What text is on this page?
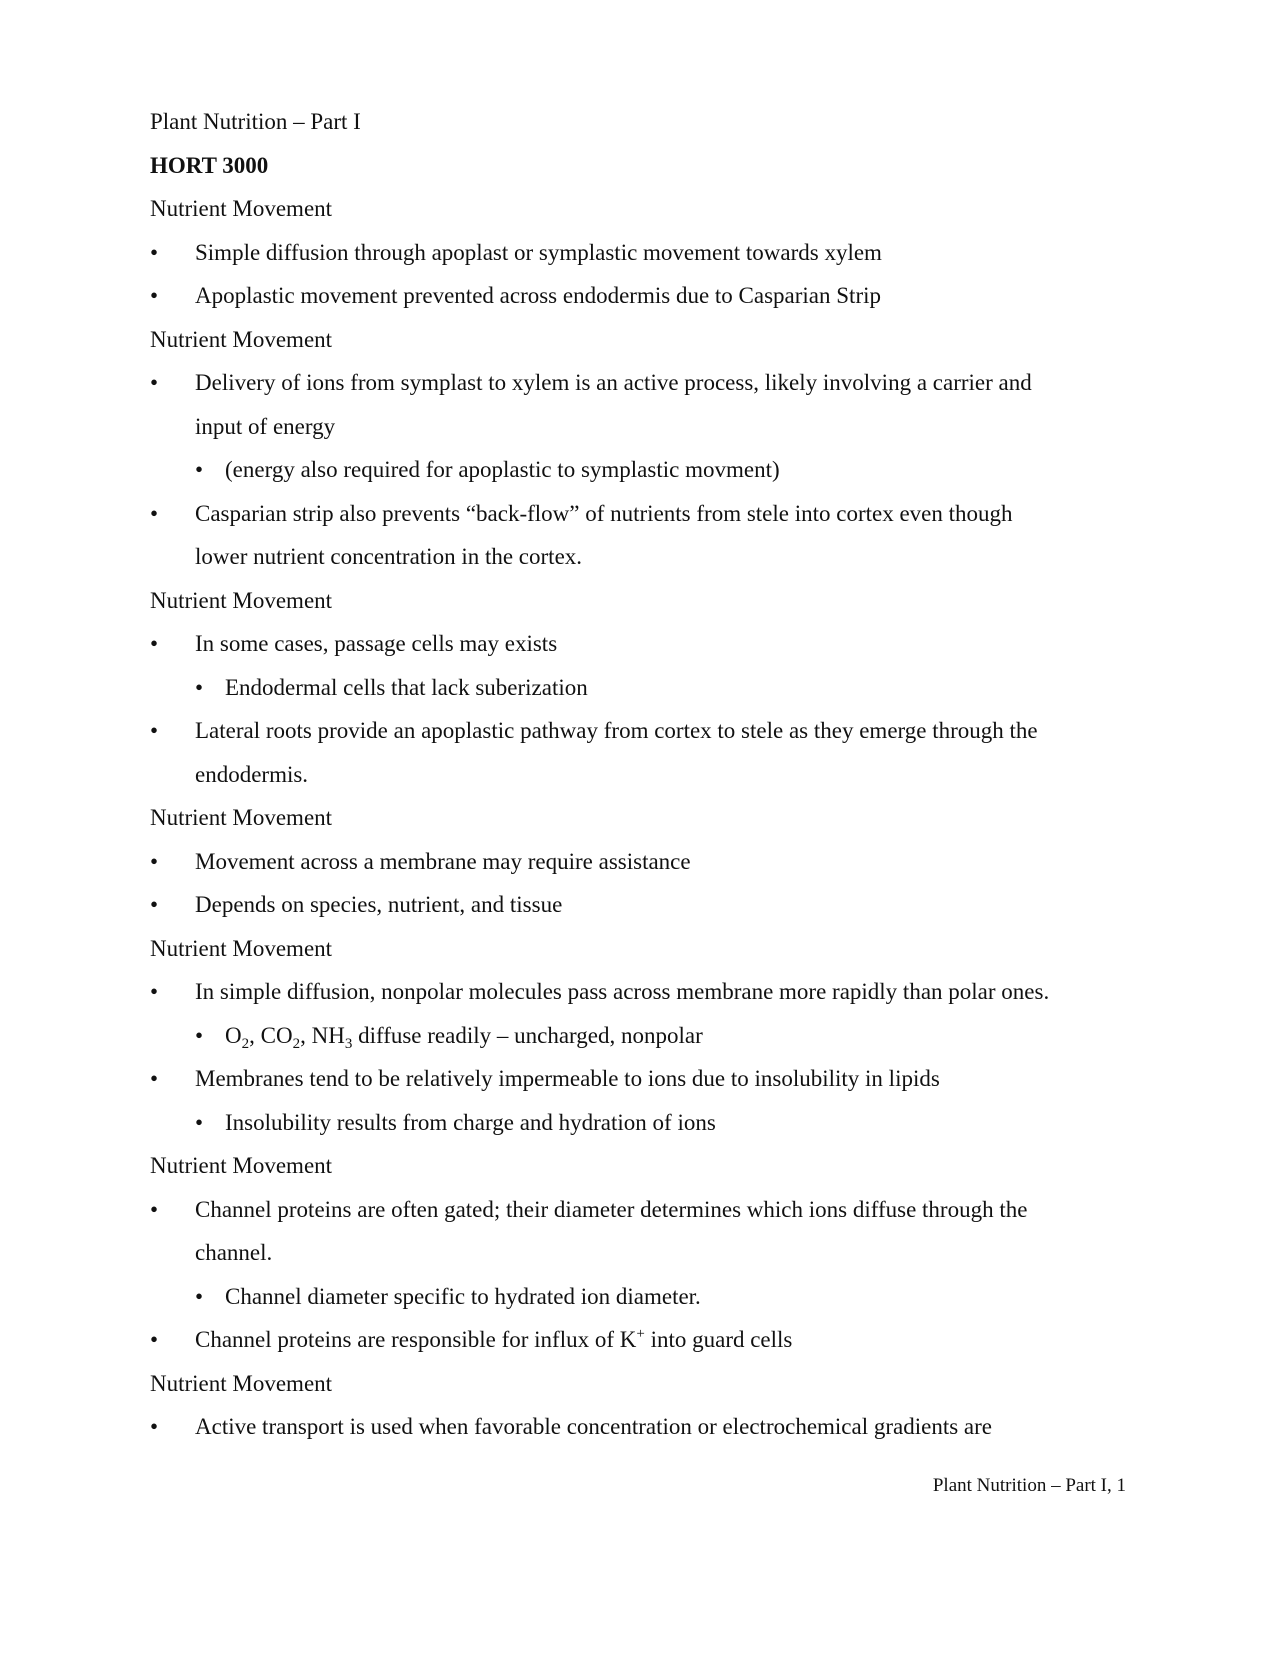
Plant Nutrition – Part I
HORT 3000
Nutrient Movement
•	Simple diffusion through apoplast or symplastic movement towards xylem
•	Apoplastic movement prevented across endodermis due to Casparian Strip
Nutrient Movement
•	Delivery of ions from symplast to xylem is an active process, likely involving a carrier and
input of energy
• (energy also required for apoplastic to symplastic movment)
•	Casparian strip also prevents “back-flow” of nutrients from stele into cortex even though
lower nutrient concentration in the cortex.
Nutrient Movement
•	In some cases, passage cells may exists
• Endodermal cells that lack suberization
•	Lateral roots provide an apoplastic pathway from cortex to stele as they emerge through the
endodermis.
Nutrient Movement
•	Movement across a membrane may require assistance
•	Depends on species, nutrient, and tissue
Nutrient Movement
•	In simple diffusion, nonpolar molecules pass across membrane more rapidly than polar ones.
• $O_2$, $CO_2$, $NH_3$ diffuse readily – uncharged, nonpolar
•	Membranes tend to be relatively impermeable to ions due to insolubility in lipids
• Insolubility results from charge and hydration of ions
Nutrient Movement
•	Channel proteins are often gated; their diameter determines which ions diffuse through the
channel.
• Channel diameter specific to hydrated ion diameter.
•	Channel proteins are responsible for influx of K+ into guard cells
Nutrient Movement
•	Active transport is used when favorable concentration or electrochemical gradients are
Plant Nutrition – Part I, 1
